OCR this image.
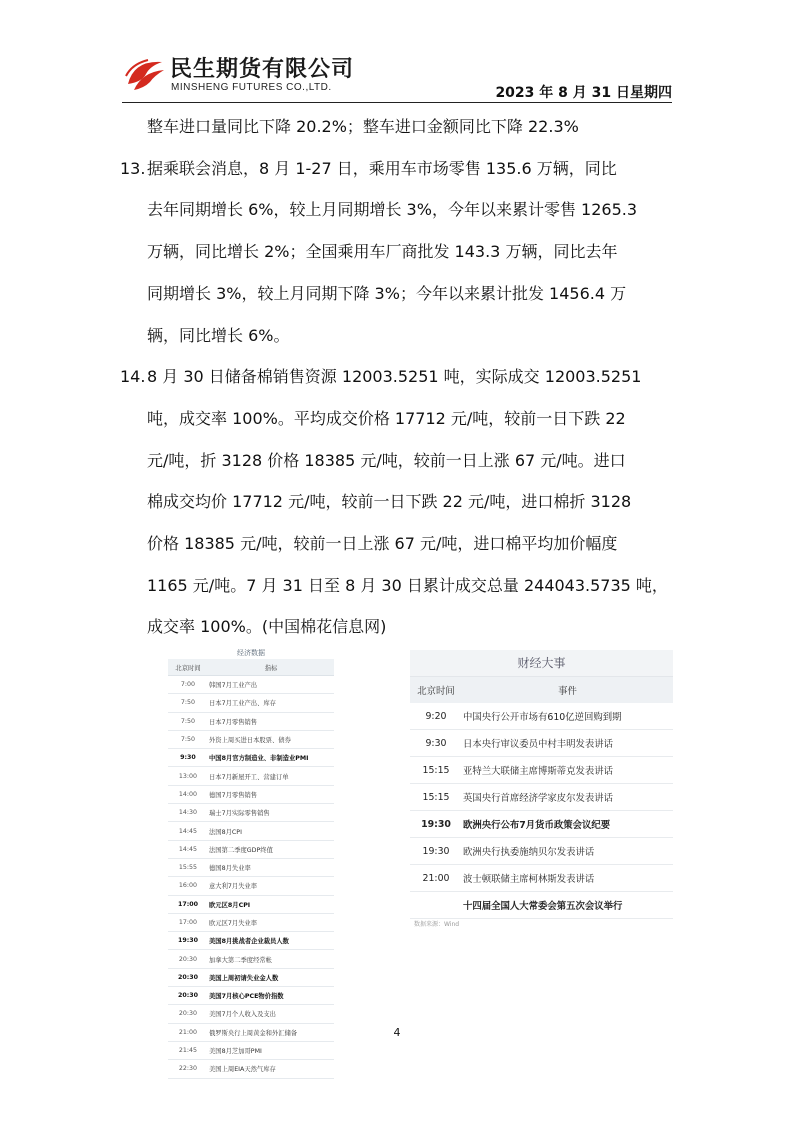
民生期货有限公司
MINSHENG FUTURES CO.,LTD.	2023 年 8 月 31 日星期四

整车进口量同比下降 20.2%；整车进口金额同比下降 22.3%

13.据乘联会消息，8 月 1-27 日，乘用车市场零售 135.6 万辆，同比

去年同期增长 6%，较上月同期增长 3%，今年以来累计零售 1265.3

万辆，同比增长 2%；全国乘用车厂商批发 143.3 万辆，同比去年

同期增长 3%，较上月同期下降 3%；今年以来累计批发 1456.4 万

辆，同比增长 6%。

14.8 月 30 日储备棉销售资源 12003.5251 吨，实际成交 12003.5251

吨，成交率 100%。平均成交价格 17712 元/吨，较前一日下跌 22

元/吨，折 3128 价格 18385 元/吨，较前一日上涨 67 元/吨。进口

棉成交均价 17712 元/吨，较前一日下跌 22 元/吨，进口棉折 3128

价格 18385 元/吨，较前一日上涨 67 元/吨，进口棉平均加价幅度

1165 元/吨。7 月 31 日至 8 月 30 日累计成交总量 244043.5735 吨，

成交率 100%。(中国棉花信息网)

经济数据
北京时间	指标
7:00	韩国7月工业产出
7:50	日本7月工业产出、库存
7:50	日本7月零售销售
7:50	外资上周买进日本股票、债券
9:30	中国8月官方制造业、非制造业PMI
13:00	日本7月新屋开工、营建订单
14:00	德国7月零售销售
14:30	瑞士7月实际零售销售
14:45	法国8月CPI
14:45	法国第二季度GDP终值
15:55	德国8月失业率
16:00	意大利7月失业率
17:00	欧元区8月CPI
17:00	欧元区7月失业率
19:30	美国8月挑战者企业裁员人数
20:30	加拿大第二季度经常帐
20:30	美国上周初请失业金人数
20:30	美国7月核心PCE物价指数
20:30	美国7月个人收入及支出
21:00	俄罗斯央行上周黄金和外汇储备
21:45	美国8月芝加哥PMI
22:30	美国上周EIA天然气库存
财经大事
北京时间	事件
9:20	中国央行公开市场有610亿逆回购到期
9:30	日本央行审议委员中村丰明发表讲话
15:15	亚特兰大联储主席博斯蒂克发表讲话
15:15	英国央行首席经济学家皮尔发表讲话
19:30	欧洲央行公布7月货币政策会议纪要
19:30	欧洲央行执委施纳贝尔发表讲话
21:00	波士顿联储主席柯林斯发表讲话
	十四届全国人大常委会第五次会议举行
数据来源：Wind
4
